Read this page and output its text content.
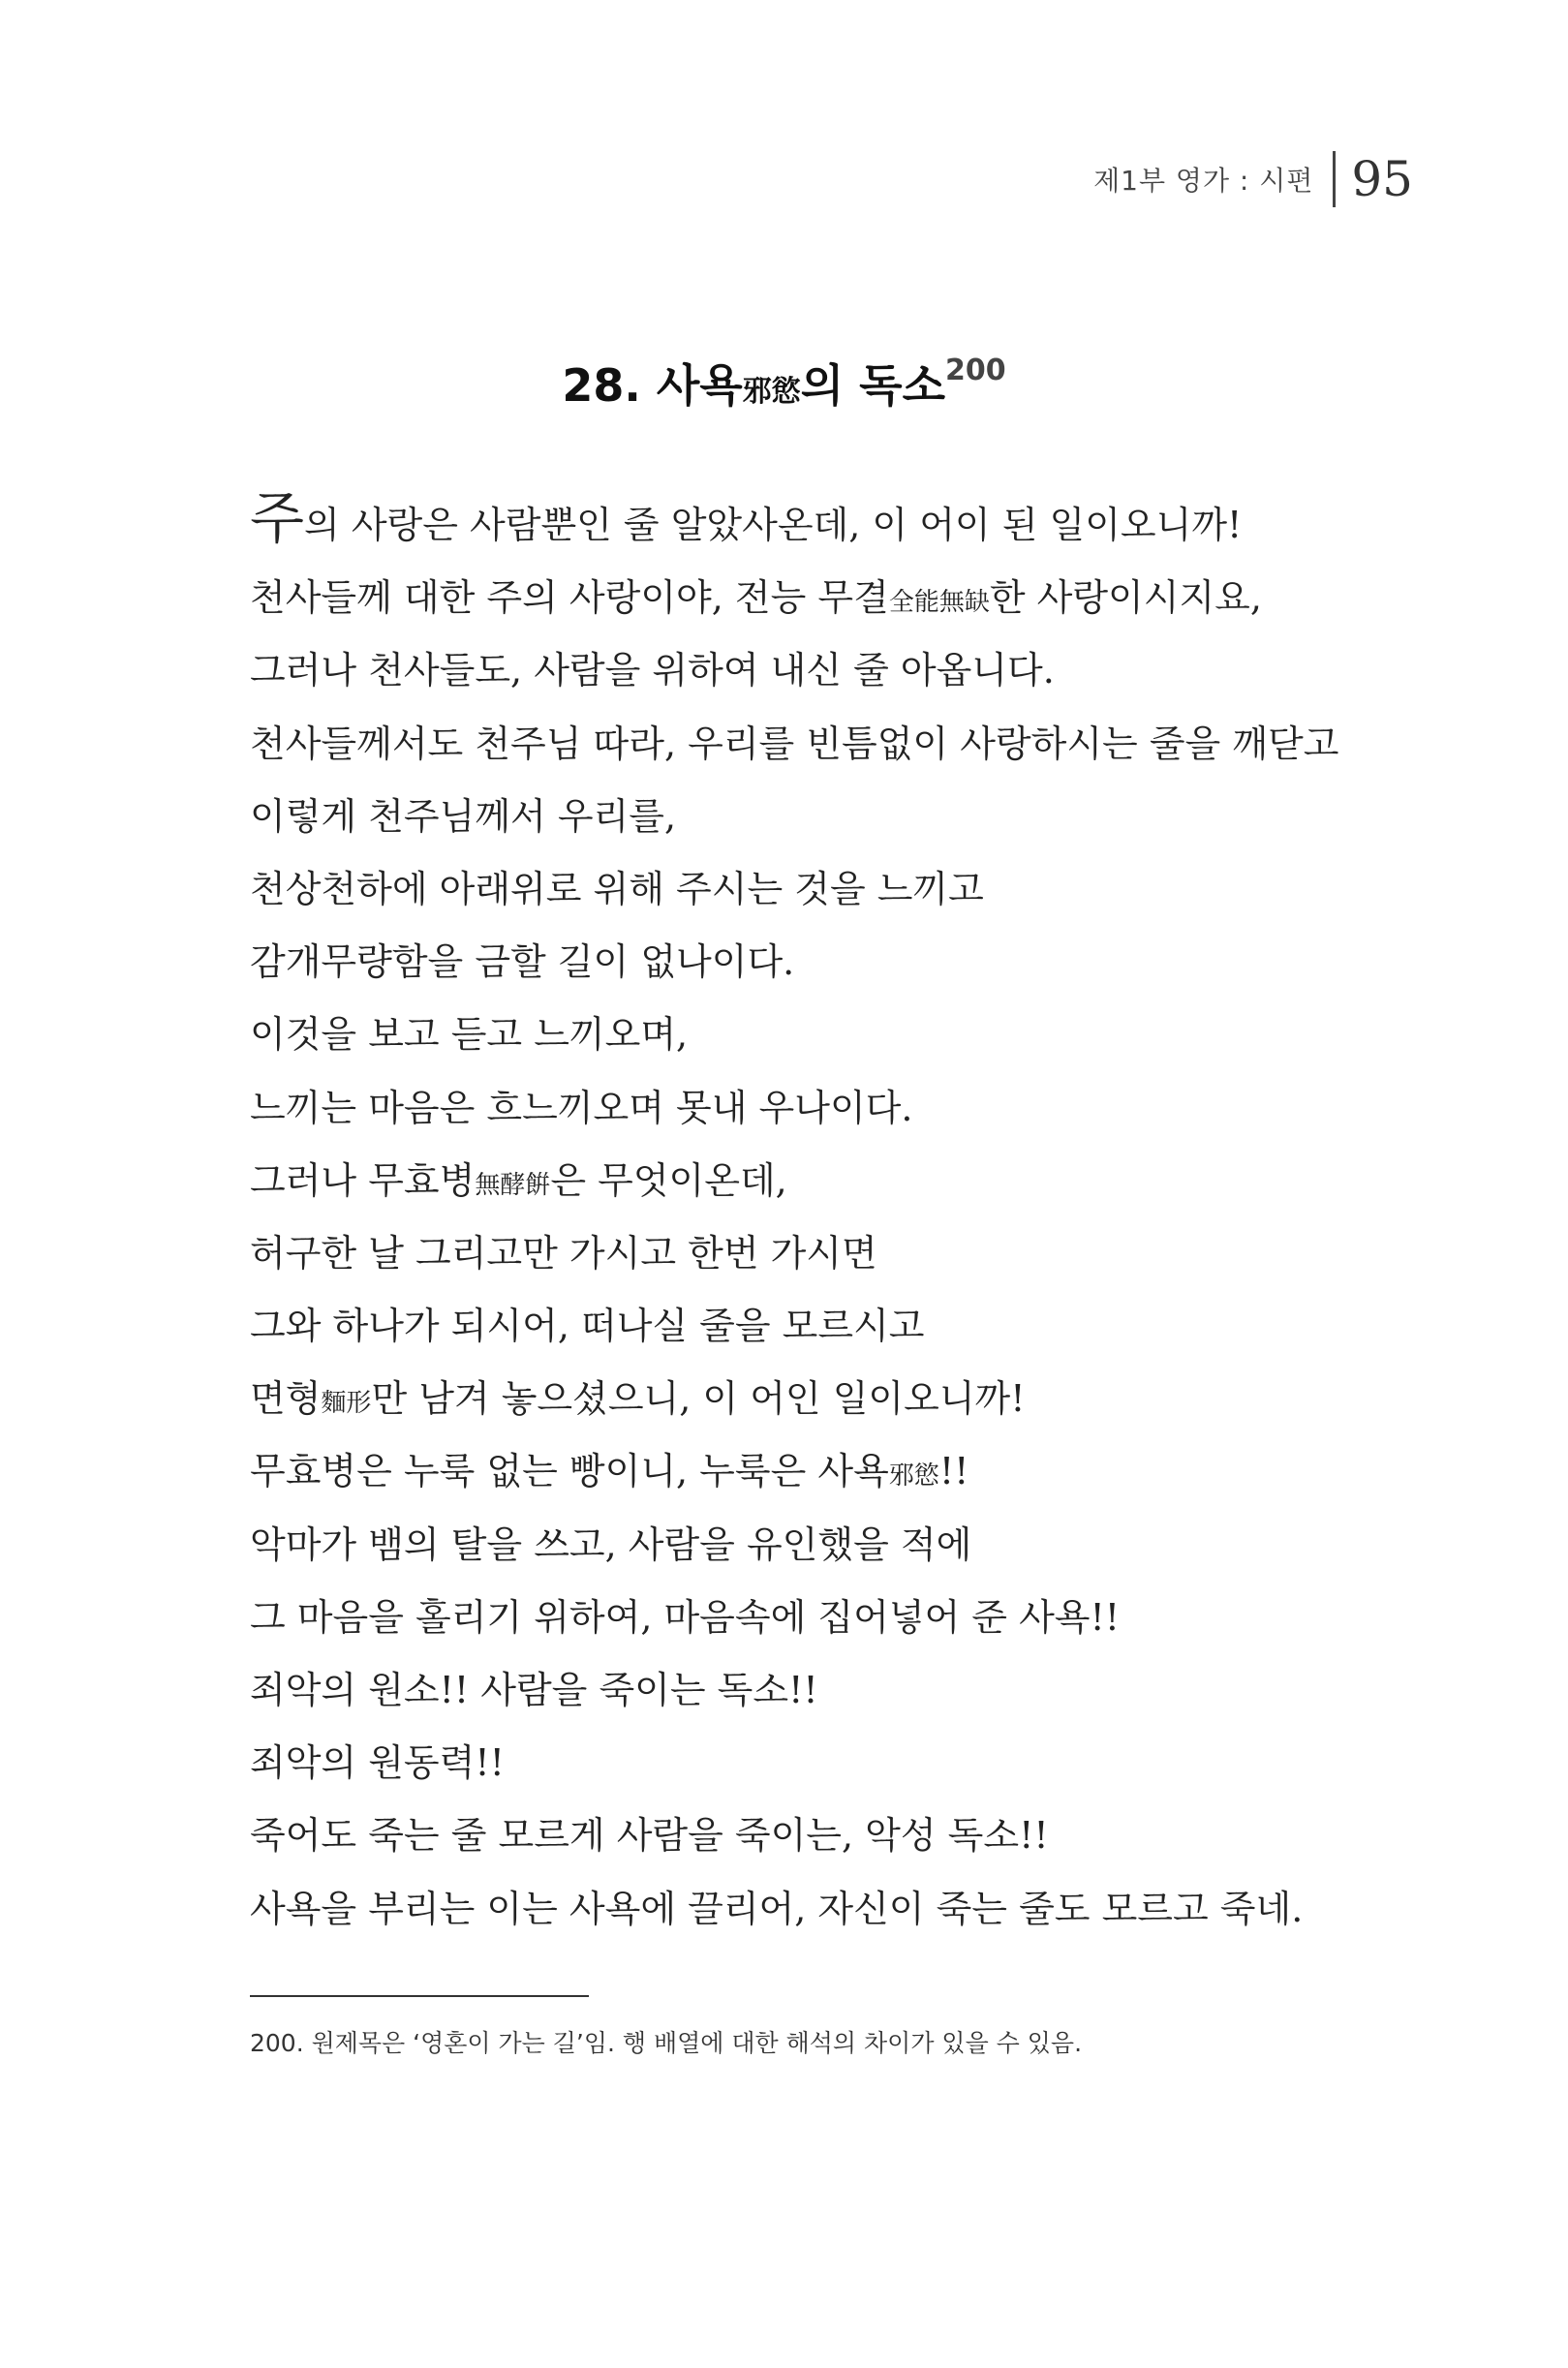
제1부 영가 : 시편 95
28. 사욕邪慾의 독소$^{200}$
주의 사랑은 사람뿐인 줄 알았사온데, 이 어이 된 일이오니까!
천사들께 대한 주의 사랑이야, 전능 무결全能無缺한 사랑이시지요,
그러나 천사들도, 사람을 위하여 내신 줄 아옵니다.
천사들께서도 천주님 따라, 우리를 빈틈없이 사랑하시는 줄을 깨닫고
이렇게 천주님께서 우리를,
천상천하에 아래위로 위해 주시는 것을 느끼고
감개무량함을 금할 길이 없나이다.
이것을 보고 듣고 느끼오며,
느끼는 마음은 흐느끼오며 못내 우나이다.
그러나 무효병無酵餠은 무엇이온데,
허구한 날 그리고만 가시고 한번 가시면
그와 하나가 되시어, 떠나실 줄을 모르시고
면형麵形만 남겨 놓으셨으니, 이 어인 일이오니까!
무효병은 누룩 없는 빵이니, 누룩은 사욕邪慾!!
악마가 뱀의 탈을 쓰고, 사람을 유인했을 적에
그 마음을 홀리기 위하여, 마음속에 집어넣어 준 사욕!!
죄악의 원소!! 사람을 죽이는 독소!!
죄악의 원동력!!
죽어도 죽는 줄 모르게 사람을 죽이는, 악성 독소!!
사욕을 부리는 이는 사욕에 끌리어, 자신이 죽는 줄도 모르고 죽네.
200. 원제목은 ‘영혼이 가는 길’임. 행 배열에 대한 해석의 차이가 있을 수 있음.
